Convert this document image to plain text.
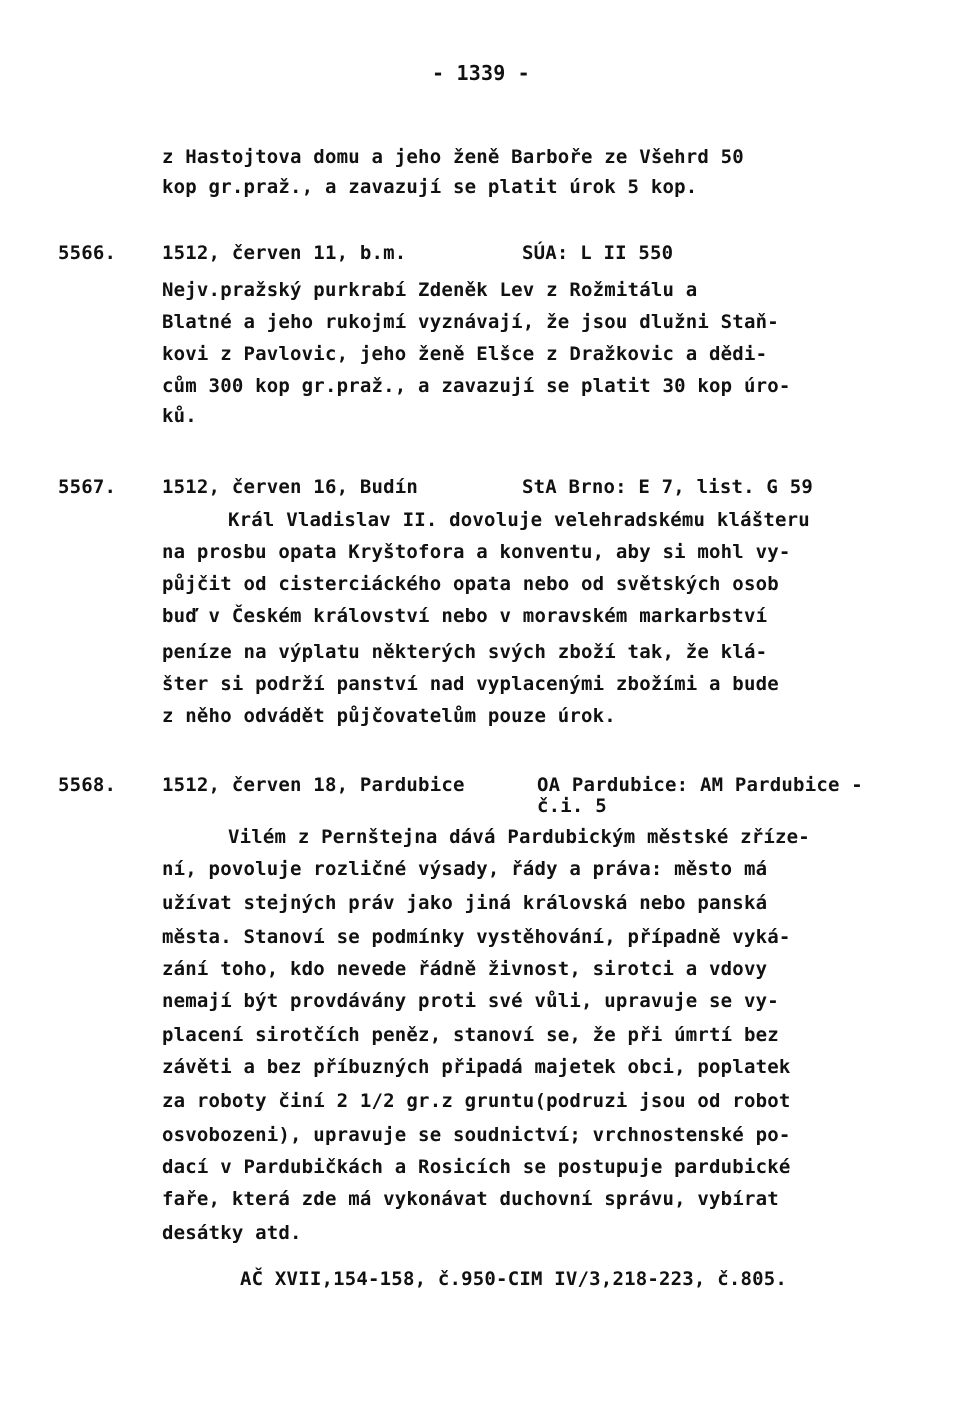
- 1339 -
z Hastojtova domu a jeho ženě Barboře ze Všehrd 50
kop gr.praž., a zavazují se platit úrok 5 kop.
5566. 1512, červen 11, b.m.	SÚA: L II 550
Nejv.pražský purkrabí Zdeněk Lev z Rožmitálu a
Blatné a jeho rukojmí vyznávají, že jsou dlužni Staň-
kovi z Pavlovic, jeho ženě Elšce z Dražkovic a dědi-
cům 300 kop gr.praž., a zavazují se platit 30 kop úro-
ků.
5567. 1512, červen 16, Budín	StA Brno: E 7, list. G 59
Král Vladislav II. dovoluje velehradskému klášteru
na prosbu opata Kryštofora a konventu, aby si mohl vy-
půjčit od cisterciáckého opata nebo od světských osob
buď v Českém království nebo v moravském markarbství
peníze na výplatu některých svých zboží tak, že klá-
šter si podrží panství nad vyplacenými zbožími a bude
z něho odvádět půjčovatelům pouze úrok.
5568. 1512, červen 18, Pardubice	OA Pardubice: AM Pardubice -
č.i. 5
Vilém z Pernštejna dává Pardubickým městské zříze-
ní, povoluje rozličné výsady, řády a práva: město má
užívat stejných práv jako jiná královská nebo panská
města. Stanoví se podmínky vystěhování, případně vyká-
zání toho, kdo nevede řádně živnost, sirotci a vdovy
nemají být provdávány proti své vůli, upravuje se vy-
placení sirotčích peněz, stanoví se, že při úmrtí bez
závěti a bez příbuzných připadá majetek obci, poplatek
za roboty činí 2 1/2 gr.z gruntu(podruzi jsou od robot
osvobozeni), upravuje se soudnictví; vrchnostenské po-
dací v Pardubičkách a Rosicích se postupuje pardubické
faře, která zde má vykonávat duchovní správu, vybírat
desátky atd.
AČ XVII,154-158, č.950-CIM IV/3,218-223, č.805.
